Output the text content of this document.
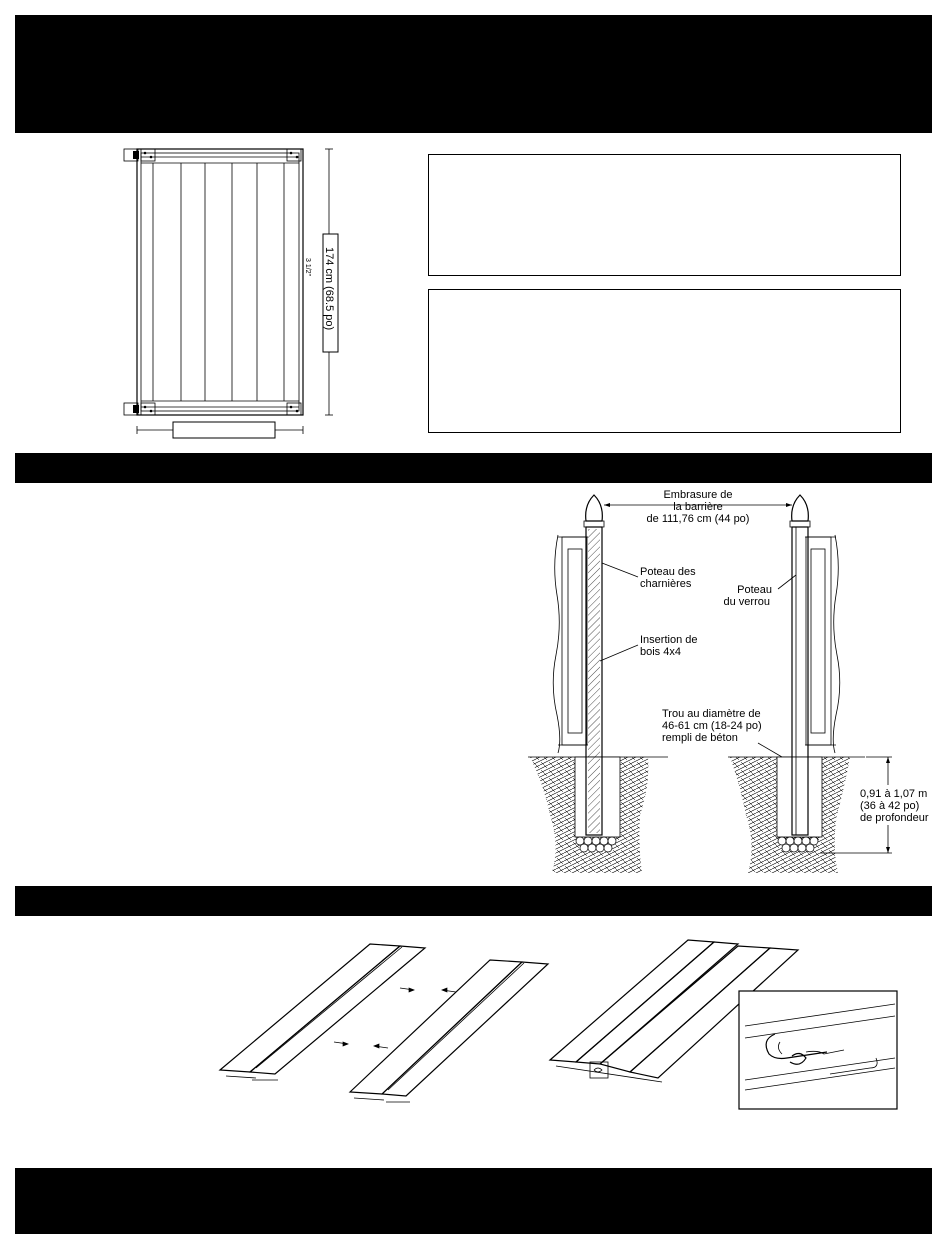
3 1/2" 174 cm (68.5 po)
Embrasure de
la barrière
de 111,76 cm (44 po)
Poteau des
charnières	Poteau
du verrou
Insertion de
bois 4x4
Trou au diamètre de
46-61 cm (18-24 po)
rempli de béton
0,91 à 1,07 m
(36 à 42 po)
de profondeur
